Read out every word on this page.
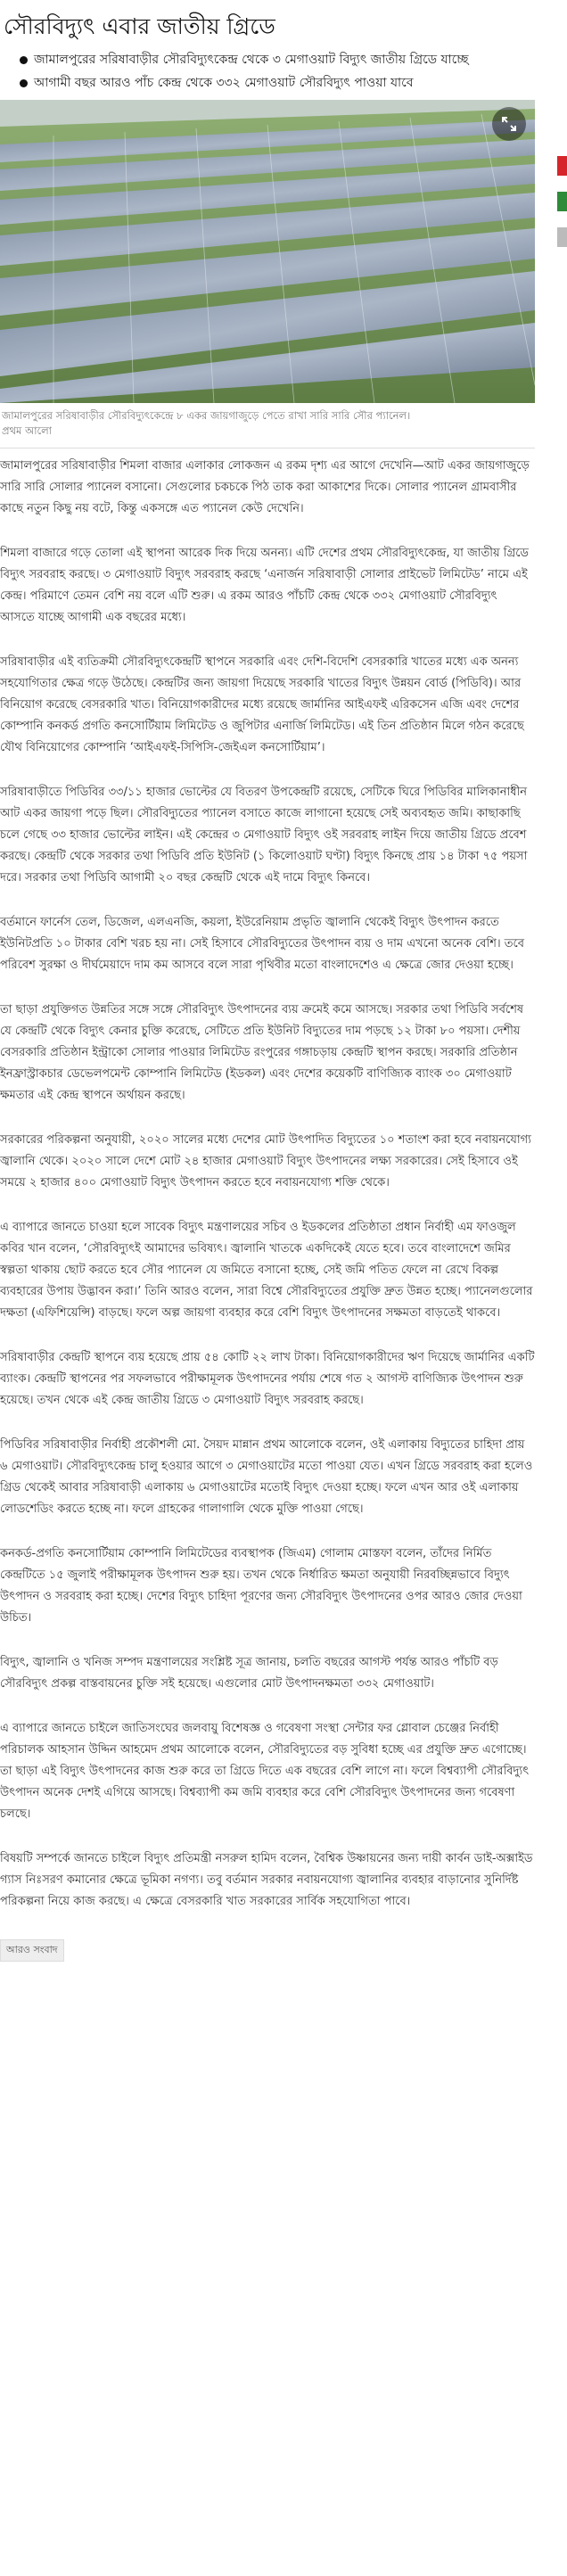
সৌরবিদ্যুৎ এবার জাতীয় গ্রিডে
জামালপুরের সরিষাবাড়ীর সৌরবিদ্যুৎকেন্দ্র থেকে ৩ মেগাওয়াট বিদ্যুৎ জাতীয় গ্রিডে যাচ্ছে
আগামী বছর আরও পাঁচ কেন্দ্র থেকে ৩৩২ মেগাওয়াট সৌরবিদ্যুৎ পাওয়া যাবে
জামালপুরের সরিষাবাড়ীর সৌরবিদ্যুৎকেন্দ্রে ৮ একর জায়গাজুড়ে পেতে রাখা সারি সারি সৌর প্যানেল।
প্রথম আলো

জামালপুরের সরিষাবাড়ীর শিমলা বাজার এলাকার লোকজন এ রকম দৃশ্য এর আগে দেখেনি—আট একর জায়গাজুড়ে সারি সারি সোলার প্যানেল বসানো। সেগুলোর চকচকে পিঠ তাক করা আকাশের দিকে। সোলার প্যানেল গ্রামবাসীর কাছে নতুন কিছু নয় বটে, কিন্তু একসঙ্গে এত প্যানেল কেউ দেখেনি।

শিমলা বাজারে গড়ে তোলা এই স্থাপনা আরেক দিক দিয়ে অনন্য। এটি দেশের প্রথম সৌরবিদ্যুৎকেন্দ্র, যা জাতীয় গ্রিডে বিদ্যুৎ সরবরাহ করছে। ৩ মেগাওয়াট বিদ্যুৎ সরবরাহ করছে ‘এনার্জন সরিষাবাড়ী সোলার প্রাইভেট লিমিটেড’ নামে এই কেন্দ্র। পরিমাণে তেমন বেশি নয় বলে এটি শুরু। এ রকম আরও পাঁচটি কেন্দ্র থেকে ৩৩২ মেগাওয়াট সৌরবিদ্যুৎ আসতে যাচ্ছে আগামী এক বছরের মধ্যে।

সরিষাবাড়ীর এই ব্যতিক্রমী সৌরবিদ্যুৎকেন্দ্রটি স্থাপনে সরকারি এবং দেশি-বিদেশি বেসরকারি খাতের মধ্যে এক অনন্য সহযোগিতার ক্ষেত্র গড়ে উঠেছে। কেন্দ্রটির জন্য জায়গা দিয়েছে সরকারি খাতের বিদ্যুৎ উন্নয়ন বোর্ড (পিডিবি)। আর বিনিয়োগ করেছে বেসরকারি খাত। বিনিয়োগকারীদের মধ্যে রয়েছে জার্মানির আইএফই এরিকসেন এজি এবং দেশের কোম্পানি কনকর্ড প্রগতি কনসোর্টিয়াম লিমিটেড ও জুপিটার এনার্জি লিমিটেড। এই তিন প্রতিষ্ঠান মিলে গঠন করেছে যৌথ বিনিয়োগের কোম্পানি ‘আইএফই-সিপিসি-জেইএল কনসোর্টিয়াম’।

সরিষাবাড়ীতে পিডিবির ৩৩/১১ হাজার ভোল্টের যে বিতরণ উপকেন্দ্রটি রয়েছে, সেটিকে ঘিরে পিডিবির মালিকানাধীন আট একর জায়গা পড়ে ছিল। সৌরবিদ্যুতের প্যানেল বসাতে কাজে লাগানো হয়েছে সেই অব্যবহৃত জমি। কাছাকাছি চলে গেছে ৩৩ হাজার ভোল্টের লাইন। এই কেন্দ্রের ৩ মেগাওয়াট বিদ্যুৎ ওই সরবরাহ লাইন দিয়ে জাতীয় গ্রিডে প্রবেশ করছে। কেন্দ্রটি থেকে সরকার তথা পিডিবি প্রতি ইউনিট (১ কিলোওয়াট ঘণ্টা) বিদ্যুৎ কিনছে প্রায় ১৪ টাকা ৭৫ পয়সা দরে। সরকার তথা পিডিবি আগামী ২০ বছর কেন্দ্রটি থেকে এই দামে বিদ্যুৎ কিনবে।

বর্তমানে ফার্নেস তেল, ডিজেল, এলএনজি, কয়লা, ইউরেনিয়াম প্রভৃতি জ্বালানি থেকেই বিদ্যুৎ উৎপাদন করতে ইউনিটপ্রতি ১০ টাকার বেশি খরচ হয় না। সেই হিসাবে সৌরবিদ্যুতের উৎপাদন ব্যয় ও দাম এখনো অনেক বেশি। তবে পরিবেশ সুরক্ষা ও দীর্ঘমেয়াদে দাম কম আসবে বলে সারা পৃথিবীর মতো বাংলাদেশেও এ ক্ষেত্রে জোর দেওয়া হচ্ছে।

তা ছাড়া প্রযুক্তিগত উন্নতির সঙ্গে সঙ্গে সৌরবিদ্যুৎ উৎপাদনের ব্যয় ক্রমেই কমে আসছে। সরকার তথা পিডিবি সর্বশেষ যে কেন্দ্রটি থেকে বিদ্যুৎ কেনার চুক্তি করেছে, সেটিতে প্রতি ইউনিট বিদ্যুতের দাম পড়ছে ১২ টাকা ৮০ পয়সা। দেশীয় বেসরকারি প্রতিষ্ঠান ইন্ট্রাকো সোলার পাওয়ার লিমিটেড রংপুরের গঙ্গাচড়ায় কেন্দ্রটি স্থাপন করছে। সরকারি প্রতিষ্ঠান ইনফ্রাস্ট্রাকচার ডেভেলপমেন্ট কোম্পানি লিমিটেড (ইডকল) এবং দেশের কয়েকটি বাণিজ্যিক ব্যাংক ৩০ মেগাওয়াট ক্ষমতার এই কেন্দ্র স্থাপনে অর্থায়ন করছে।

সরকারের পরিকল্পনা অনুযায়ী, ২০২০ সালের মধ্যে দেশের মোট উৎপাদিত বিদ্যুতের ১০ শতাংশ করা হবে নবায়নযোগ্য জ্বালানি থেকে। ২০২০ সালে দেশে মোট ২৪ হাজার মেগাওয়াট বিদ্যুৎ উৎপাদনের লক্ষ্য সরকারের। সেই হিসাবে ওই সময়ে ২ হাজার ৪০০ মেগাওয়াট বিদ্যুৎ উৎপাদন করতে হবে নবায়নযোগ্য শক্তি থেকে।

এ ব্যাপারে জানতে চাওয়া হলে সাবেক বিদ্যুৎ মন্ত্রণালয়ের সচিব ও ইডকলের প্রতিষ্ঠাতা প্রধান নির্বাহী এম ফাওজুল কবির খান বলেন, ‘সৌরবিদ্যুৎই আমাদের ভবিষ্যৎ। জ্বালানি খাতকে একদিকেই যেতে হবে। তবে বাংলাদেশে জমির স্বল্পতা থাকায় ছোট করতে হবে সৌর প্যানেল যে জমিতে বসানো হচ্ছে, সেই জমি পতিত ফেলে না রেখে বিকল্প ব্যবহারের উপায় উদ্ভাবন করা।’ তিনি আরও বলেন, সারা বিশ্বে সৌরবিদ্যুতের প্রযুক্তি দ্রুত উন্নত হচ্ছে। প্যানেলগুলোর দক্ষতা (এফিশিয়েন্সি) বাড়ছে। ফলে অল্প জায়গা ব্যবহার করে বেশি বিদ্যুৎ উৎপাদনের সক্ষমতা বাড়তেই থাকবে।

সরিষাবাড়ীর কেন্দ্রটি স্থাপনে ব্যয় হয়েছে প্রায় ৫৪ কোটি ২২ লাখ টাকা। বিনিয়োগকারীদের ঋণ দিয়েছে জার্মানির একটি ব্যাংক। কেন্দ্রটি স্থাপনের পর সফলভাবে পরীক্ষামূলক উৎপাদনের পর্যায় শেষে গত ২ আগস্ট বাণিজ্যিক উৎপাদন শুরু হয়েছে। তখন থেকে এই কেন্দ্র জাতীয় গ্রিডে ৩ মেগাওয়াট বিদ্যুৎ সরবরাহ করছে।

পিডিবির সরিষাবাড়ীর নির্বাহী প্রকৌশলী মো. সৈয়দ মান্নান প্রথম আলোকে বলেন, ওই এলাকায় বিদ্যুতের চাহিদা প্রায় ৬ মেগাওয়াট। সৌরবিদ্যুৎকেন্দ্র চালু হওয়ার আগে ৩ মেগাওয়াটের মতো পাওয়া যেত। এখন গ্রিডে সরবরাহ করা হলেও গ্রিড থেকেই আবার সরিষাবাড়ী এলাকায় ৬ মেগাওয়াটের মতোই বিদ্যুৎ দেওয়া হচ্ছে। ফলে এখন আর ওই এলাকায় লোডশেডিং করতে হচ্ছে না। ফলে গ্রাহকের গালাগালি থেকে মুক্তি পাওয়া গেছে।

কনকর্ড-প্রগতি কনসোর্টিয়াম কোম্পানি লিমিটেডের ব্যবস্থাপক (জিএম) গোলাম মোস্তফা বলেন, তাঁদের নির্মিত কেন্দ্রটিতে ১৫ জুলাই পরীক্ষামূলক উৎপাদন শুরু হয়। তখন থেকে নির্ধারিত ক্ষমতা অনুযায়ী নিরবচ্ছিন্নভাবে বিদ্যুৎ উৎপাদন ও সরবরাহ করা হচ্ছে। দেশের বিদ্যুৎ চাহিদা পূরণের জন্য সৌরবিদ্যুৎ উৎপাদনের ওপর আরও জোর দেওয়া উচিত।

বিদ্যুৎ, জ্বালানি ও খনিজ সম্পদ মন্ত্রণালয়ের সংশ্লিষ্ট সূত্র জানায়, চলতি বছরের আগস্ট পর্যন্ত আরও পাঁচটি বড় সৌরবিদ্যুৎ প্রকল্প বাস্তবায়নের চুক্তি সই হয়েছে। এগুলোর মোট উৎপাদনক্ষমতা ৩৩২ মেগাওয়াট।

এ ব্যাপারে জানতে চাইলে জাতিসংঘের জলবায়ু বিশেষজ্ঞ ও গবেষণা সংস্থা সেন্টার ফর গ্লোবাল চেঞ্জের নির্বাহী পরিচালক আহসান উদ্দিন আহমেদ প্রথম আলোকে বলেন, সৌরবিদ্যুতের বড় সুবিধা হচ্ছে এর প্রযুক্তি দ্রুত এগোচ্ছে। তা ছাড়া এই বিদ্যুৎ উৎপাদনের কাজ শুরু করে তা গ্রিডে দিতে এক বছরের বেশি লাগে না। ফলে বিশ্বব্যাপী সৌরবিদ্যুৎ উৎপাদন অনেক দেশই এগিয়ে আসছে। বিশ্বব্যাপী কম জমি ব্যবহার করে বেশি সৌরবিদ্যুৎ উৎপাদনের জন্য গবেষণা চলছে।

বিষয়টি সম্পর্কে জানতে চাইলে বিদ্যুৎ প্রতিমন্ত্রী নসরুল হামিদ বলেন, বৈশ্বিক উষ্ণায়নের জন্য দায়ী কার্বন ডাই-অক্সাইড গ্যাস নিঃসরণ কমানোর ক্ষেত্রে ভূমিকা নগণ্য। তবু বর্তমান সরকার নবায়নযোগ্য জ্বালানির ব্যবহার বাড়ানোর সুনির্দিষ্ট পরিকল্পনা নিয়ে কাজ করছে। এ ক্ষেত্রে বেসরকারি খাত সরকারের সার্বিক সহযোগিতা পাবে।

আরও সংবাদ
